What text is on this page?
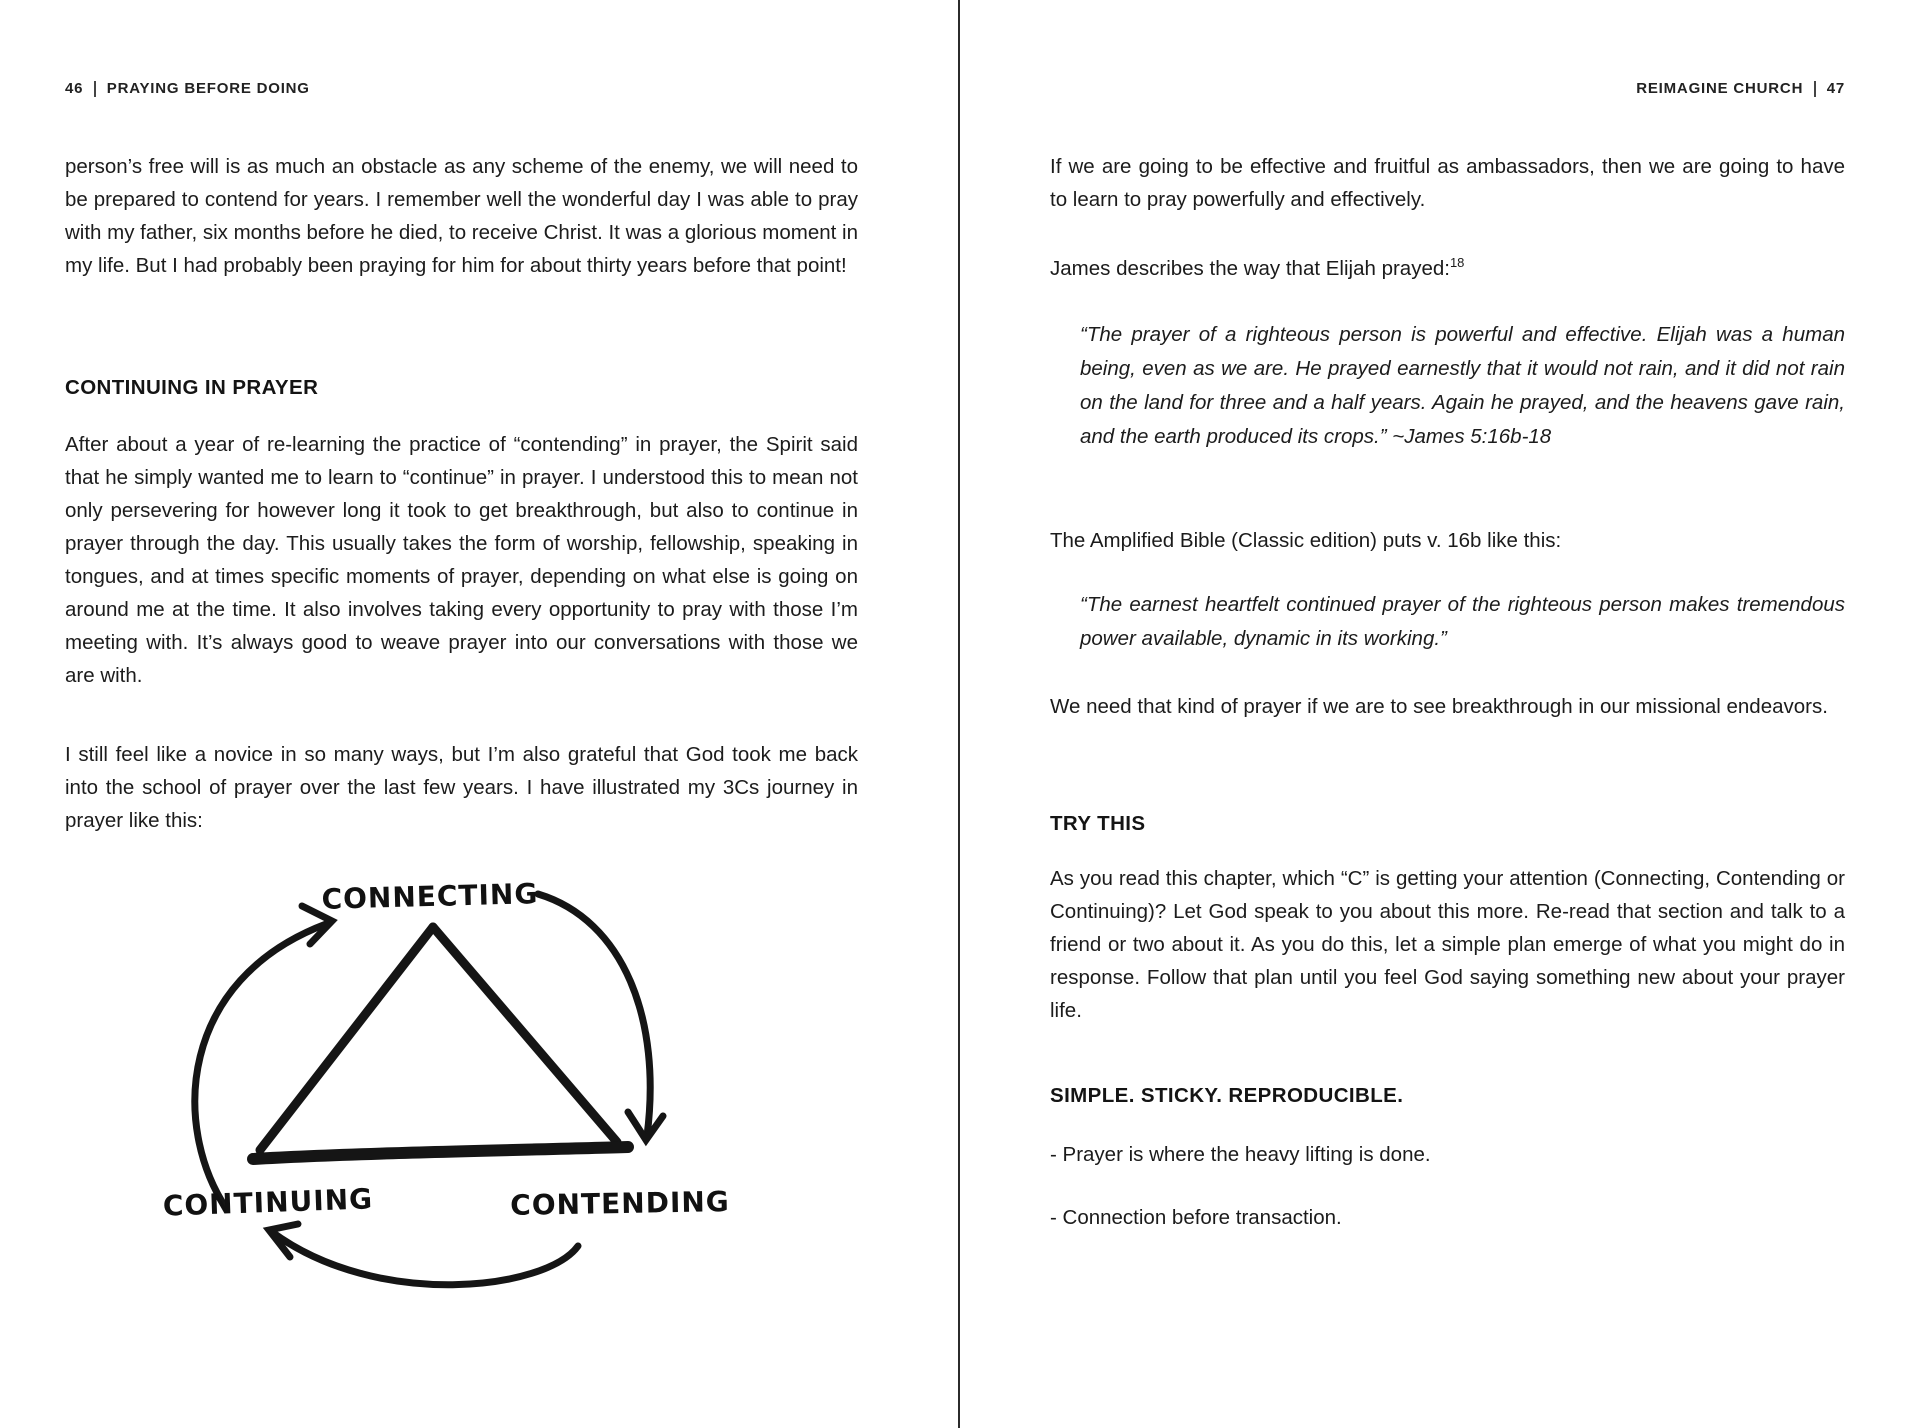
46 PRAYING BEFORE DOING
person’s free will is as much an obstacle as any scheme of the enemy, we will need to be prepared to contend for years. I remember well the wonderful day I was able to pray with my father, six months before he died, to receive Christ. It was a glorious moment in my life. But I had probably been praying for him for about thirty years before that point!
CONTINUING IN PRAYER
After about a year of re-learning the practice of “contending” in prayer, the Spirit said that he simply wanted me to learn to “continue” in prayer. I understood this to mean not only persevering for however long it took to get breakthrough, but also to continue in prayer through the day. This usually takes the form of worship, fellowship, speaking in tongues, and at times specific moments of prayer, depending on what else is going on around me at the time. It also involves taking every opportunity to pray with those I’m meeting with. It’s always good to weave prayer into our conversations with those we are with.
I still feel like a novice in so many ways, but I’m also grateful that God took me back into the school of prayer over the last few years. I have illustrated my 3Cs journey in prayer like this:
CONNECTING
CONTINUING	CONTENDING
REIMAGINE CHURCH 47
If we are going to be effective and fruitful as ambassadors, then we are going to have to learn to pray powerfully and effectively.
James describes the way that Elijah prayed:$^{18}$
“The prayer of a righteous person is powerful and effective. Elijah was a human being, even as we are. He prayed earnestly that it would not rain, and it did not rain on the land for three and a half years. Again he prayed, and the heavens gave rain, and the earth produced its crops.” ~James 5:16b-18
The Amplified Bible (Classic edition) puts v. 16b like this:
“The earnest heartfelt continued prayer of the righteous person makes tremendous power available, dynamic in its working.”
We need that kind of prayer if we are to see breakthrough in our missional endeavors.
TRY THIS
As you read this chapter, which “C” is getting your attention (Connecting, Contending or Continuing)? Let God speak to you about this more. Re-read that section and talk to a friend or two about it. As you do this, let a simple plan emerge of what you might do in response. Follow that plan until you feel God saying something new about your prayer life.
SIMPLE. STICKY. REPRODUCIBLE.
- Prayer is where the heavy lifting is done.
- Connection before transaction.
